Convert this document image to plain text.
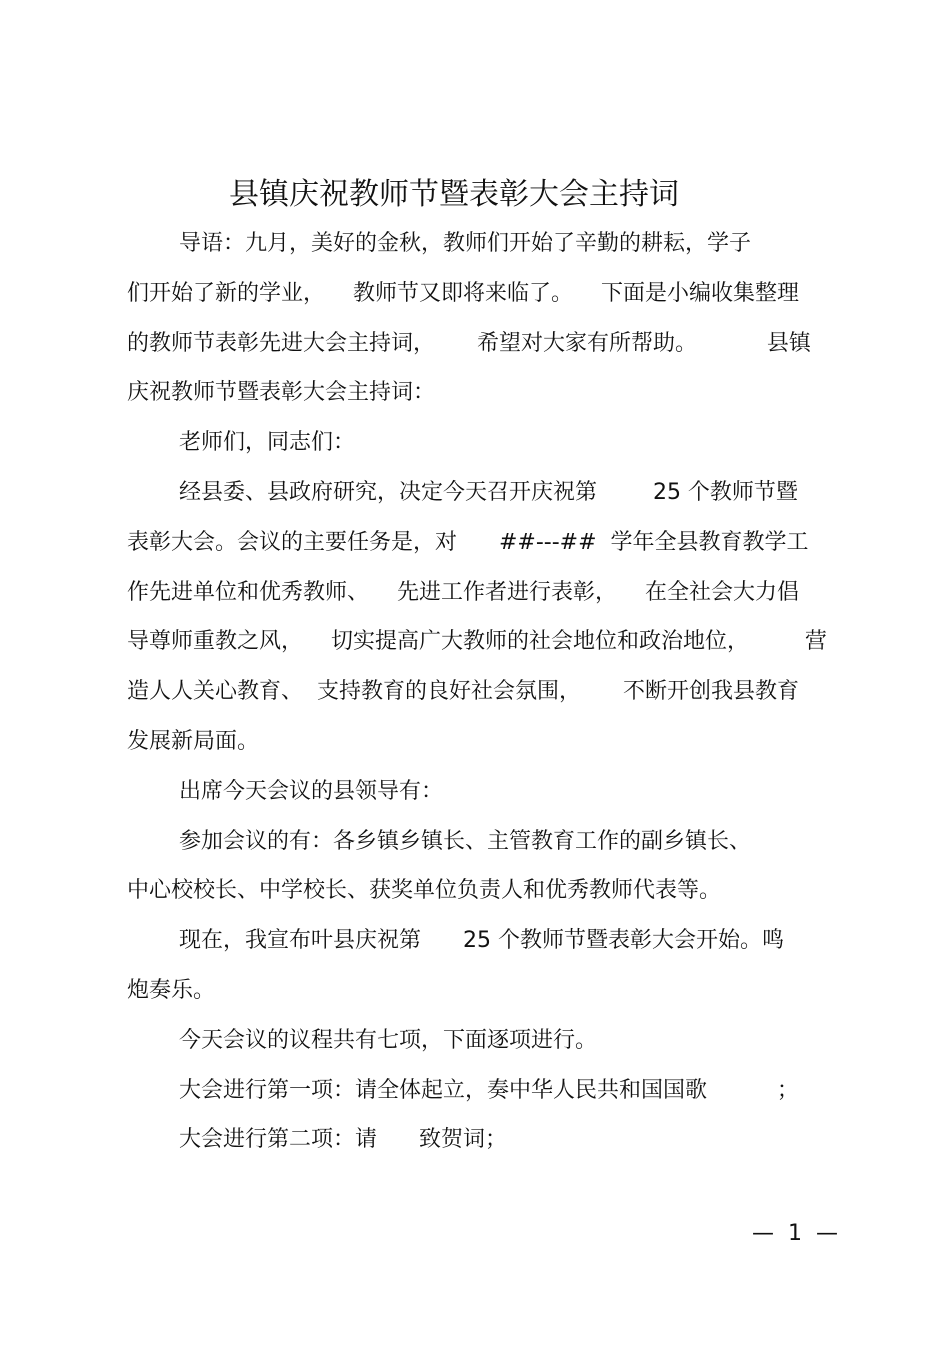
县镇庆祝教师节暨表彰大会主持词
导语：九月，美好的金秋，教师们开始了辛勤的耕耘，学子
们开始了新的学业，    教师节又即将来临了。    下面是小编收集整理
的教师节表彰先进大会主持词，      希望对大家有所帮助。          县镇
庆祝教师节暨表彰大会主持词：
老师们，同志们：
经县委、县政府研究，决定今天召开庆祝第        25 个教师节暨
表彰大会。会议的主要任务是，对      ##---##  学年全县教育教学工
作先进单位和优秀教师、    先进工作者进行表彰，    在全社会大力倡
导尊师重教之风，    切实提高广大教师的社会地位和政治地位，        营
造人人关心教育、  支持教育的良好社会氛围，      不断开创我县教育
发展新局面。
出席今天会议的县领导有：
参加会议的有：各乡镇乡镇长、主管教育工作的副乡镇长、
中心校校长、中学校长、获奖单位负责人和优秀教师代表等。
现在，我宣布叶县庆祝第      25 个教师节暨表彰大会开始。鸣
炮奏乐。
今天会议的议程共有七项，下面逐项进行。
大会进行第一项：请全体起立，奏中华人民共和国国歌          ；
大会进行第二项：请      致贺词；
—  1  —
